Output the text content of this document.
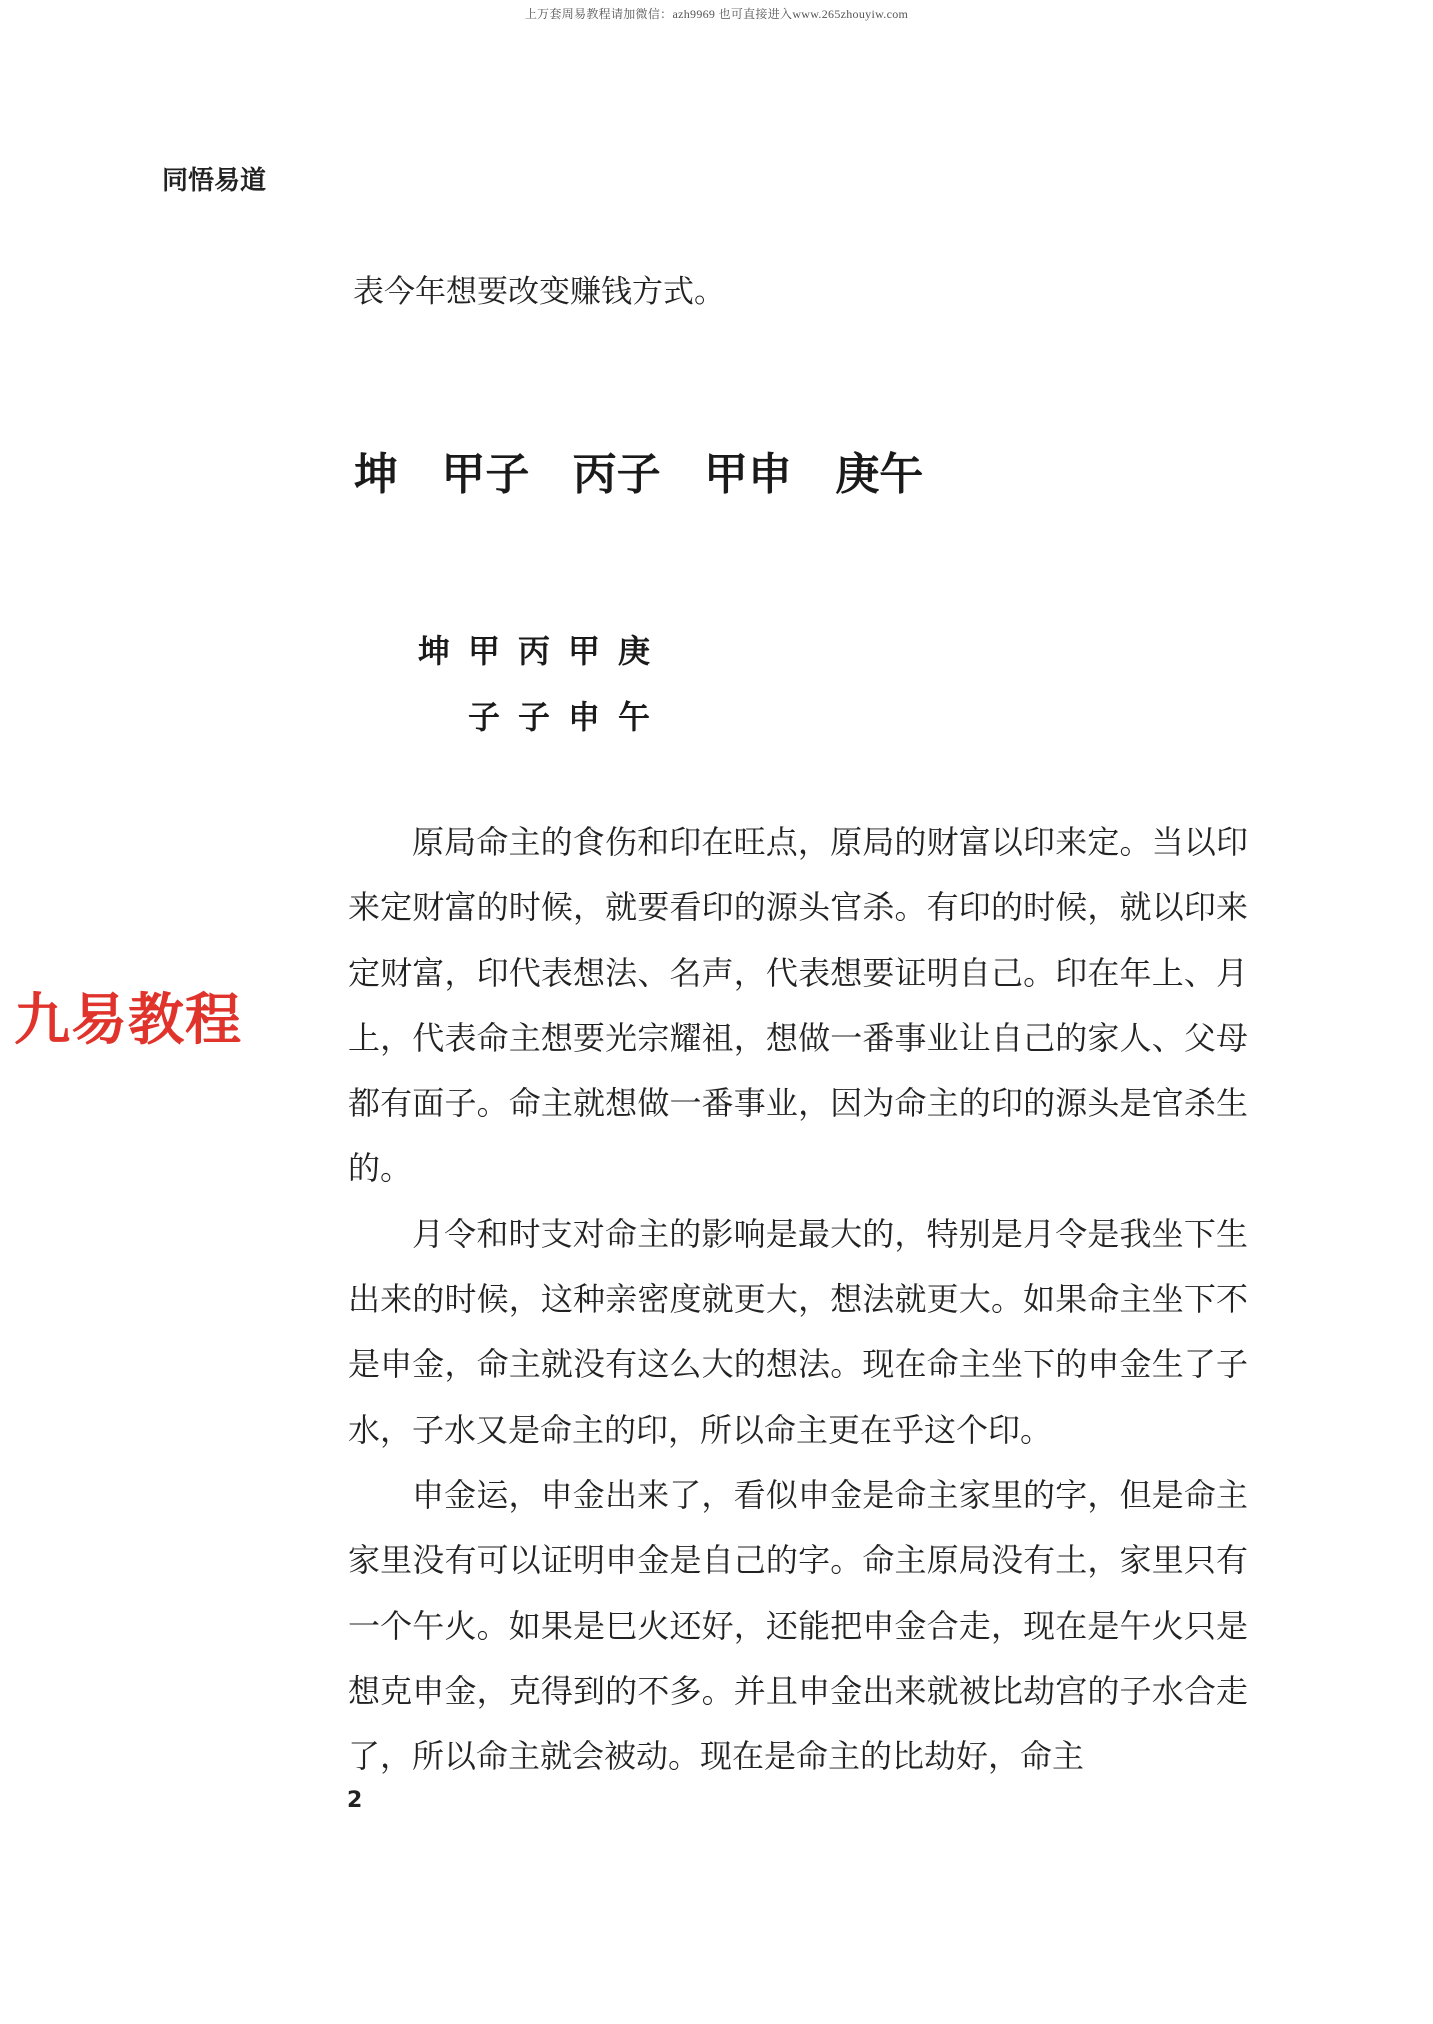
上万套周易教程请加微信：azh9969 也可直接进入www.265zhouyiw.com
同悟易道
表今年想要改变赚钱方式。
坤 甲子 丙子 甲申 庚午
坤 甲 丙 甲 庚
子 子 申 午
九易教程

原局命主的食伤和印在旺点，原局的财富以印来定。当以印来定财富的时候，就要看印的源头官杀。有印的时候，就以印来定财富，印代表想法、名声，代表想要证明自己。印在年上、月上，代表命主想要光宗耀祖，想做一番事业让自己的家人、父母都有面子。命主就想做一番事业，因为命主的印的源头是官杀生的。

月令和时支对命主的影响是最大的，特别是月令是我坐下生出来的时候，这种亲密度就更大，想法就更大。如果命主坐下不是申金，命主就没有这么大的想法。现在命主坐下的申金生了子水，子水又是命主的印，所以命主更在乎这个印。

申金运，申金出来了，看似申金是命主家里的字，但是命主家里没有可以证明申金是自己的字。命主原局没有土，家里只有一个午火。如果是巳火还好，还能把申金合走，现在是午火只是想克申金，克得到的不多。并且申金出来就被比劫宫的子水合走了，所以命主就会被动。现在是命主的比劫好，命主

2
